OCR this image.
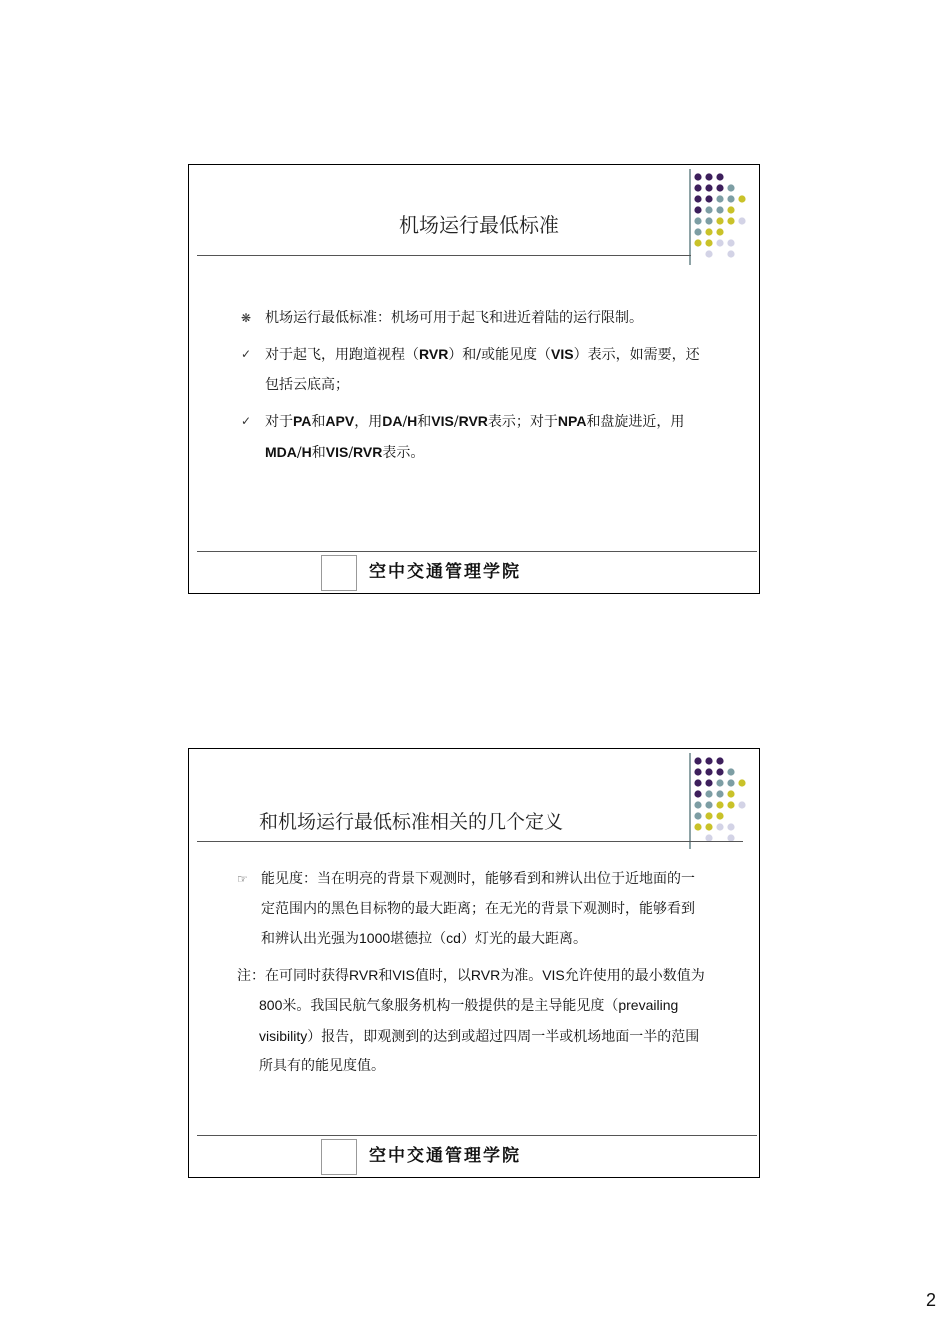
机场运行最低标准
❋ 机场运行最低标准：机场可用于起飞和进近着陆的运行限制。
✓ 对于起飞，用跑道视程（RVR）和/或能见度（VIS）表示，如需要，还包括云底高；
✓ 对于PA和APV，用DA/H和VIS/RVR表示；对于NPA和盘旋进近，用MDA/H和VIS/RVR表示。
空中交通管理学院
和机场运行最低标准相关的几个定义
☞ 能见度：当在明亮的背景下观测时，能够看到和辨认出位于近地面的一定范围内的黑色目标物的最大距离；在无光的背景下观测时，能够看到和辨认出光强为1000堪德拉（cd）灯光的最大距离。
注：在可同时获得RVR和VIS值时，以RVR为准。VIS允许使用的最小数值为800米。我国民航气象服务机构一般提供的是主导能见度（prevailing visibility）报告，即观测到的达到或超过四周一半或机场地面一半的范围所具有的能见度值。
空中交通管理学院
2
